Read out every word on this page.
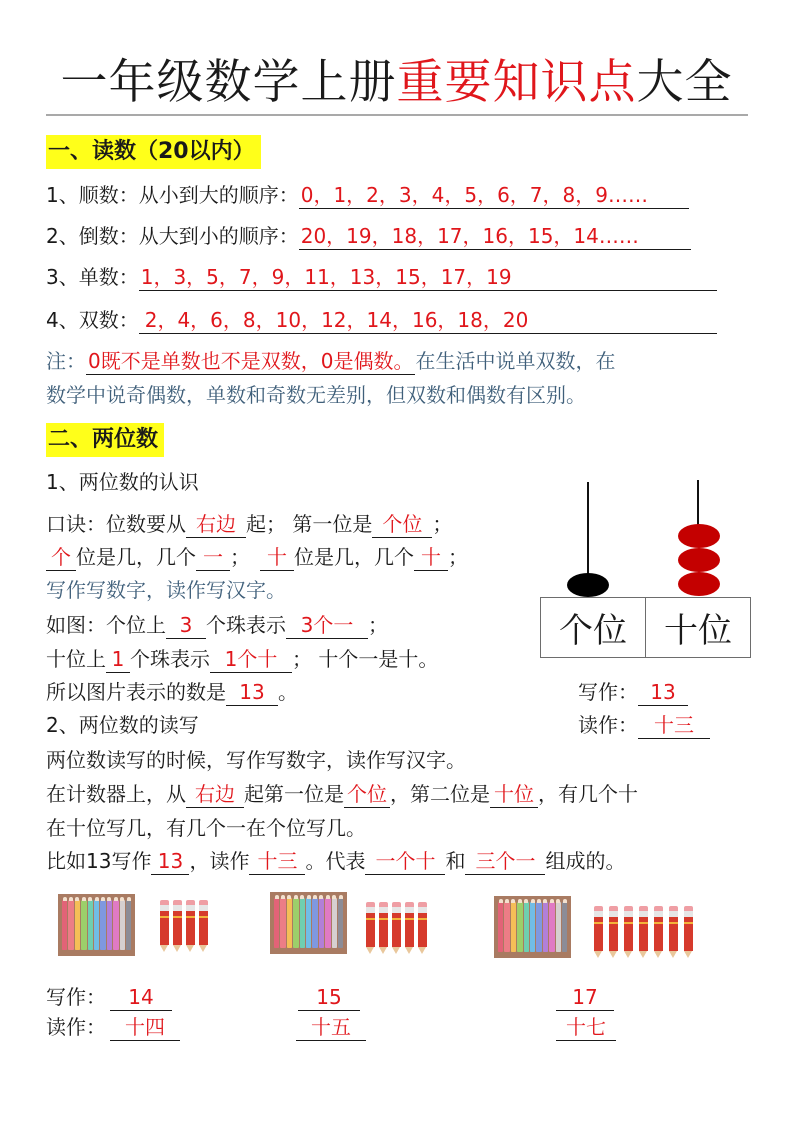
一年级数学上册重要知识点大全
一、读数（20以内）
1、顺数：从小到大的顺序： 0，1，2，3，4，5，6，7，8，9……
2、倒数：从大到小的顺序： 20，19，18，17，16，15，14……
3、单数： 1，3，5，7，9，11，13，15，17，19
4、双数： 2，4，6，8，10，12，14，16，18，20
注： 0既不是单数也不是双数，0是偶数。 在生活中说单双数，在
数学中说奇偶数，单数和奇数无差别，但双数和偶数有区别。
二、两位数
1、两位数的认识
口诀：位数要从 右边 起； 第一位是 个位 ；
个 位是几，几个 一 ； 十 位是几，几个 十 ；
写作写数字，读作写汉字。
如图：个位上 3 个珠表示 3个一 ；
十位上 1 个珠表示 1个十 ； 十个一是十。
所以图片表示的数是 13 。
个位	十位
写作： 13
读作： 十三
2、两位数的读写
两位数读写的时候，写作写数字，读作写汉字。
在计数器上，从 右边 起第一位是 个位 ，第二位是 十位 ，有几个十
在十位写几，有几个一在个位写几。
比如13写作 13 ，读作 十三 。代表 一个十 和 三个一 组成的。
写作：
读作：
14
十四
15
十五
17
十七
